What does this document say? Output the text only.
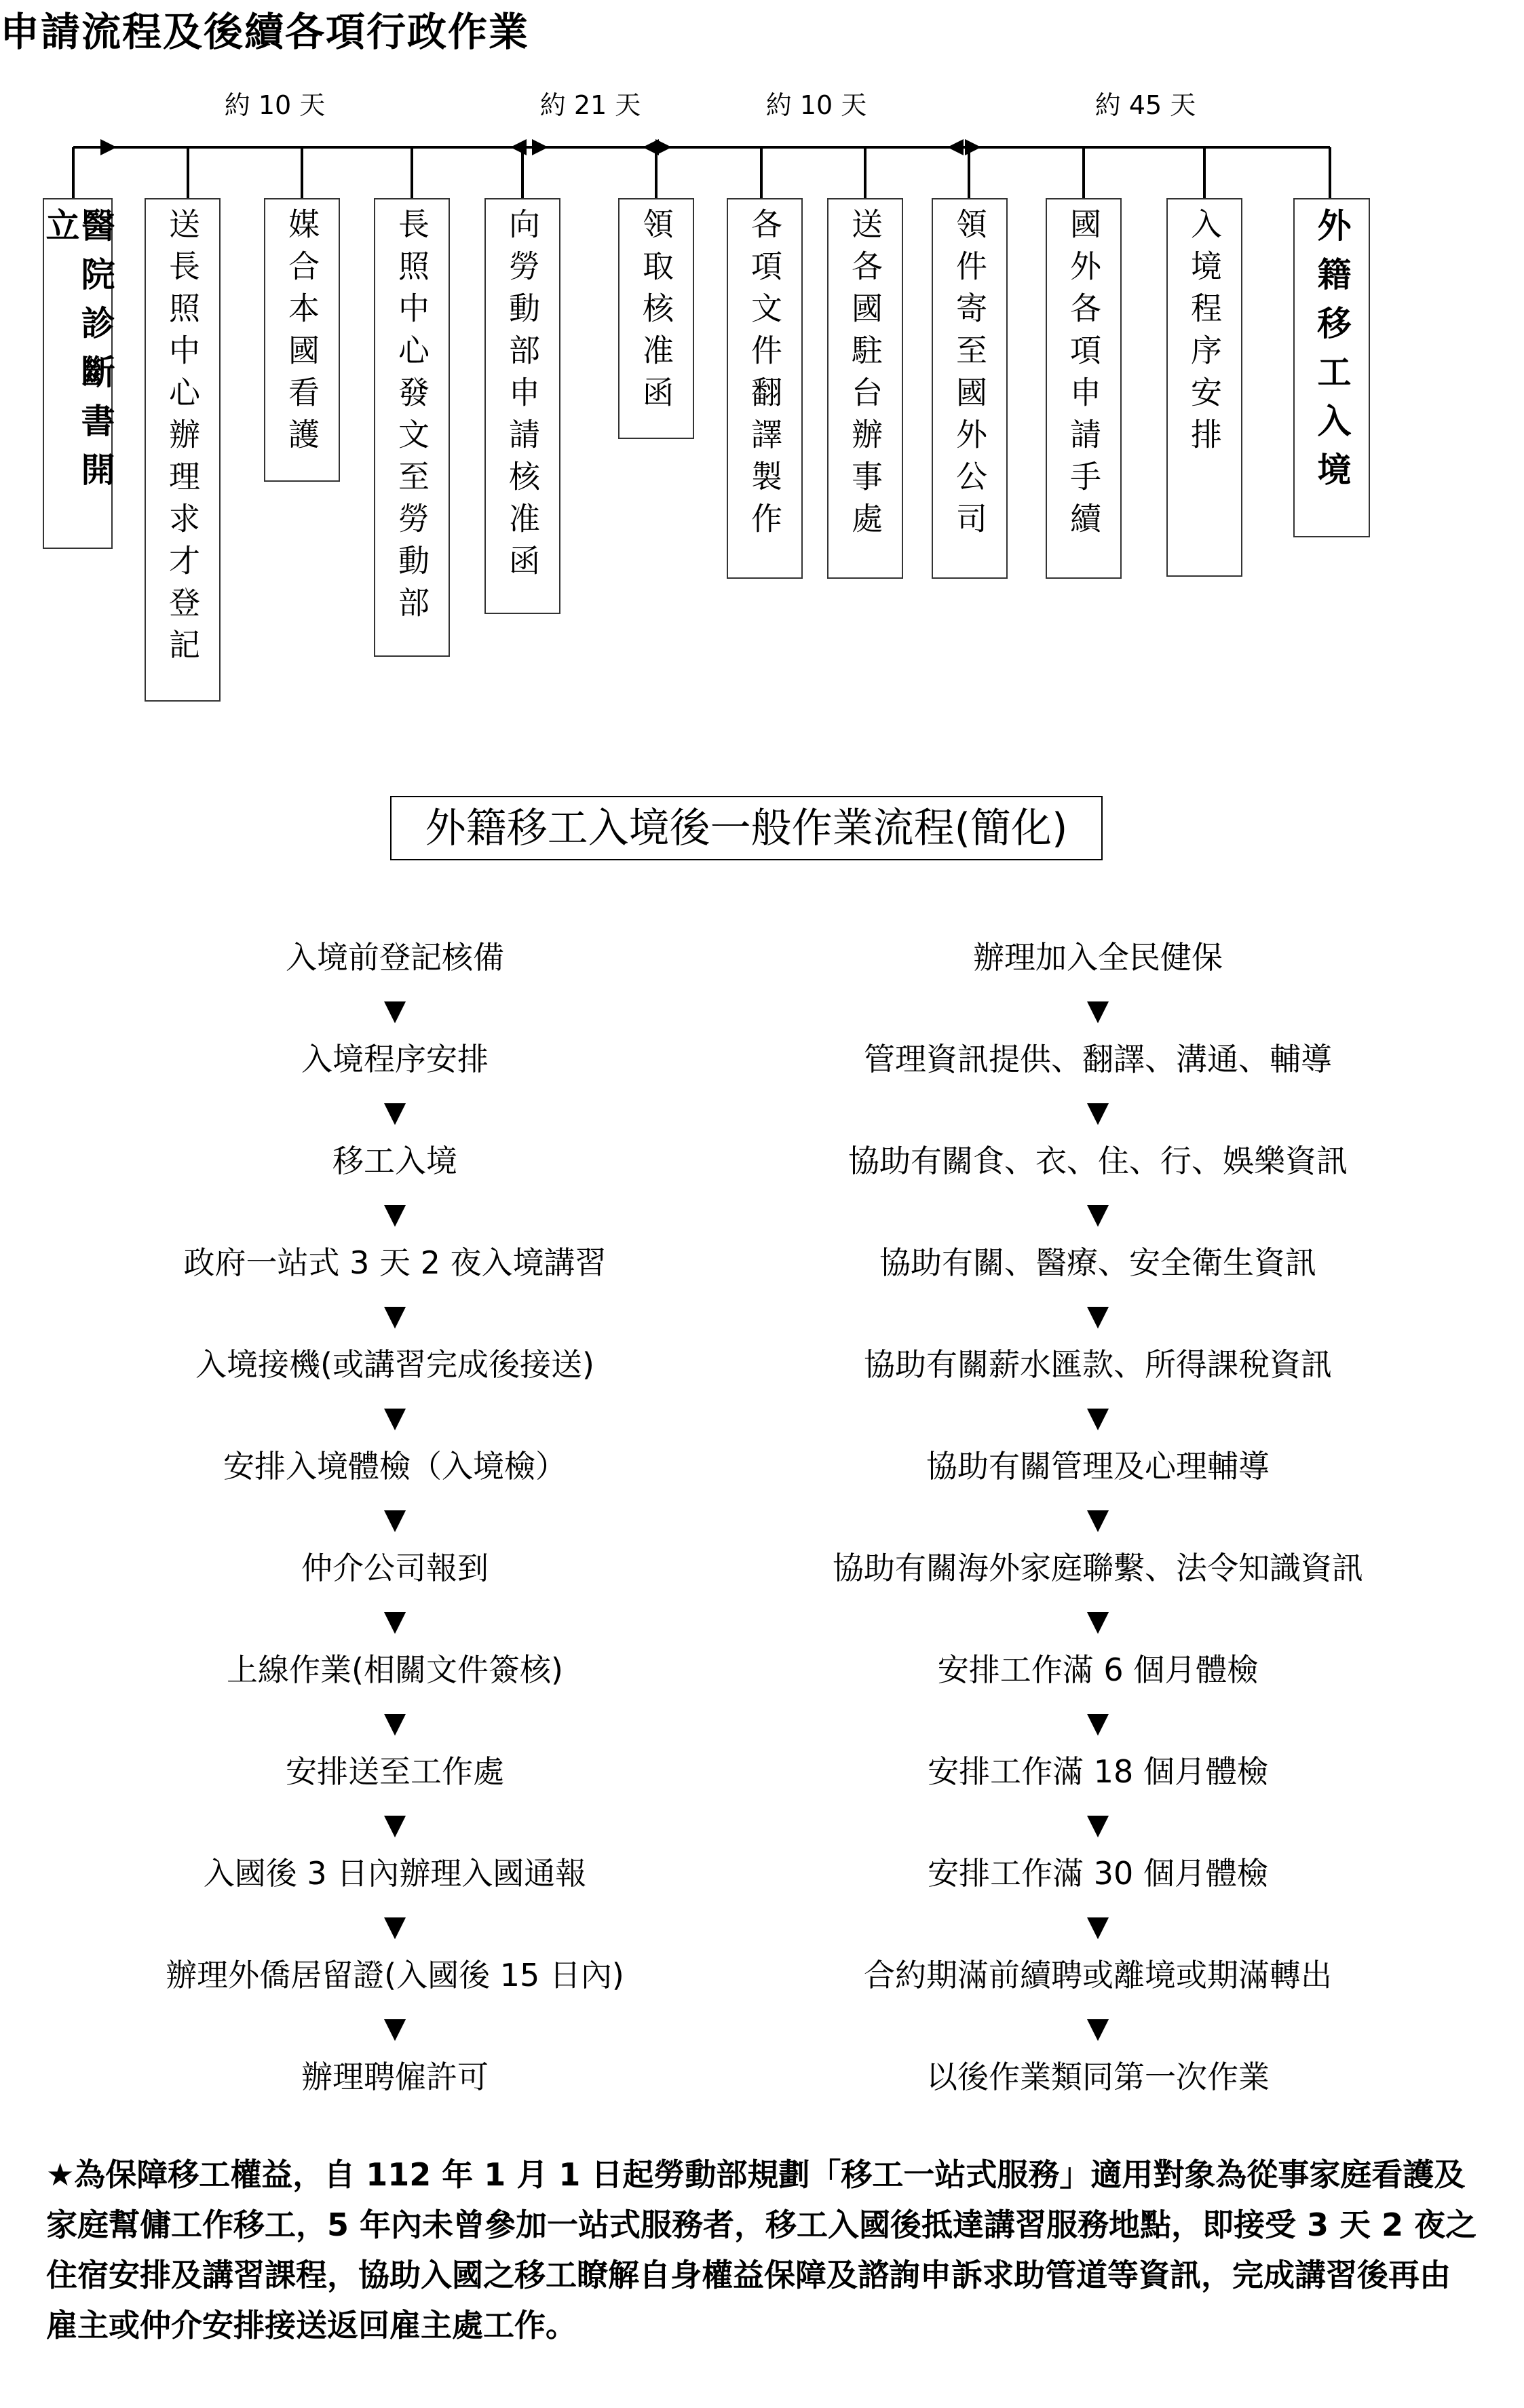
申請流程及後續各項行政作業
約 10 天	約 21 天	約 10 天	約 45 天
醫院診斷書開立	送長照中心辦理求才登記	媒合本國看護 長照中心發文至勞動部 向勞動部申請核准函	領取核准函 各項文件翻譯製作 送各國駐台辦事處 領件寄至國外公司 國外各項申請手續	入境程序安排	外籍移工入境
外籍移工入境後一般作業流程(簡化)
入境前登記核備
▼
入境程序安排
▼
移工入境
▼
政府一站式 3 天 2 夜入境講習
▼
入境接機(或講習完成後接送)
▼
安排入境體檢（入境檢）
▼
仲介公司報到
▼
上線作業(相關文件簽核)
▼
安排送至工作處
▼
入國後 3 日內辦理入國通報
▼
辦理外僑居留證(入國後 15 日內)
▼
辦理聘僱許可
辦理加入全民健保
▼
管理資訊提供、翻譯、溝通、輔導
▼
協助有關食、衣、住、行、娛樂資訊
▼
協助有關、醫療、安全衛生資訊
▼
協助有關薪水匯款、所得課稅資訊
▼
協助有關管理及心理輔導
▼
協助有關海外家庭聯繫、法令知識資訊
▼
安排工作滿 6 個月體檢
▼
安排工作滿 18 個月體檢
▼
安排工作滿 30 個月體檢
▼
合約期滿前續聘或離境或期滿轉出
▼
以後作業類同第一次作業
★為保障移工權益，自 112 年 1 月 1 日起勞動部規劃「移工一站式服務」適用對象為從事家庭看護及家庭幫傭工作移工，5 年內未曾參加一站式服務者，移工入國後抵達講習服務地點，即接受 3 天 2 夜之住宿安排及講習課程，協助入國之移工瞭解自身權益保障及諮詢申訴求助管道等資訊，完成講習後再由雇主或仲介安排接送返回雇主處工作。
